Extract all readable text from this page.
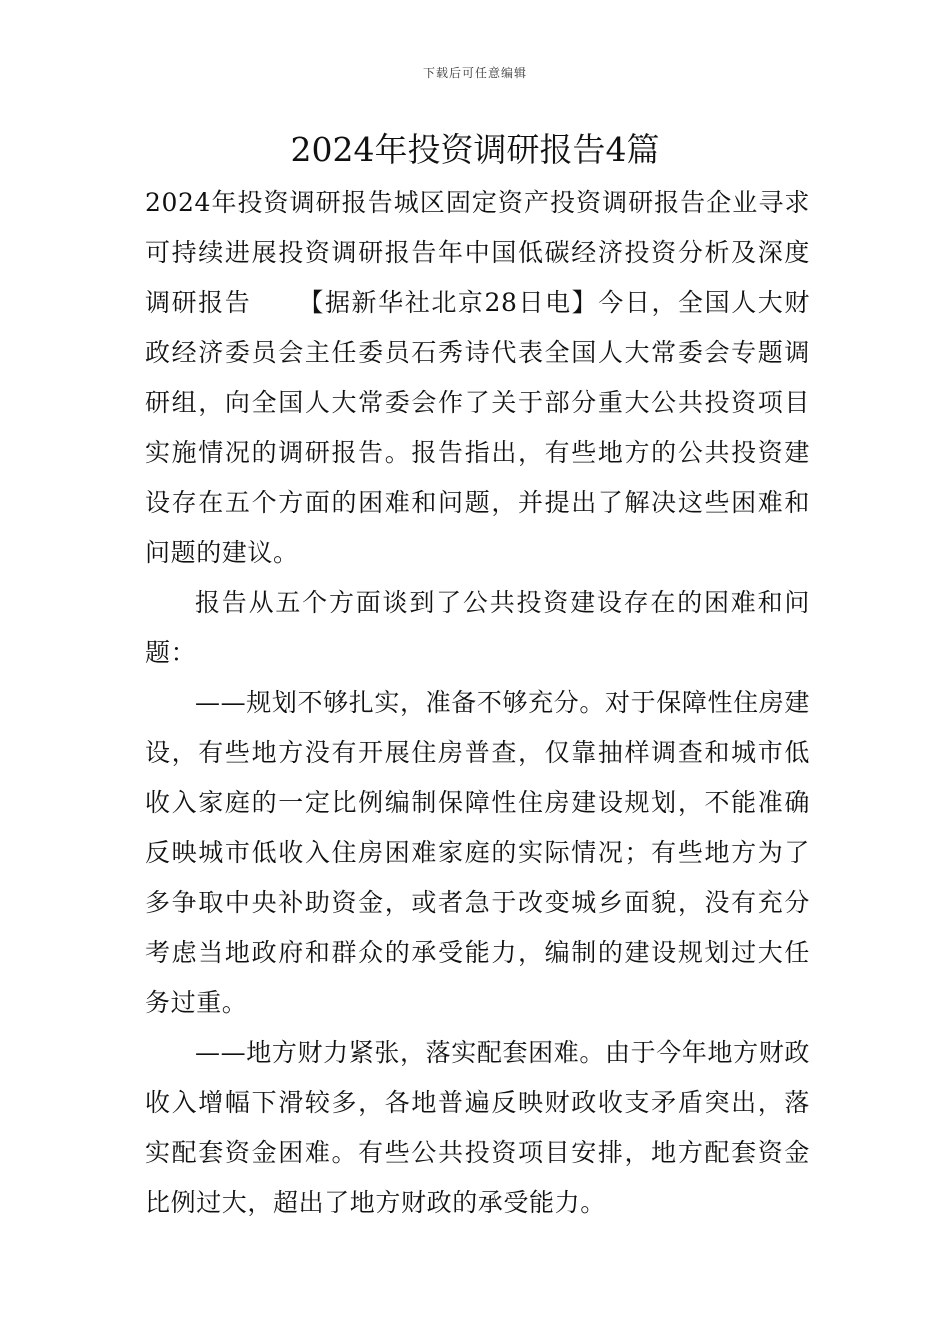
下载后可任意编辑
2024年投资调研报告4篇

2024年投资调研报告城区固定资产投资调研报告企业寻求可持续进展投资调研报告年中国低碳经济投资分析及深度调研报告 【据新华社北京28日电】今日，全国人大财政经济委员会主任委员石秀诗代表全国人大常委会专题调研组，向全国人大常委会作了关于部分重大公共投资项目实施情况的调研报告。报告指出，有些地方的公共投资建设存在五个方面的困难和问题，并提出了解决这些困难和问题的建议。

报告从五个方面谈到了公共投资建设存在的困难和问题：

——规划不够扎实，准备不够充分。对于保障性住房建设，有些地方没有开展住房普查，仅靠抽样调查和城市低收入家庭的一定比例编制保障性住房建设规划，不能准确反映城市低收入住房困难家庭的实际情况；有些地方为了多争取中央补助资金，或者急于改变城乡面貌，没有充分考虑当地政府和群众的承受能力，编制的建设规划过大任务过重。

——地方财力紧张，落实配套困难。由于今年地方财政收入增幅下滑较多，各地普遍反映财政收支矛盾突出，落实配套资金困难。有些公共投资项目安排，地方配套资金比例过大，超出了地方财政的承受能力。
